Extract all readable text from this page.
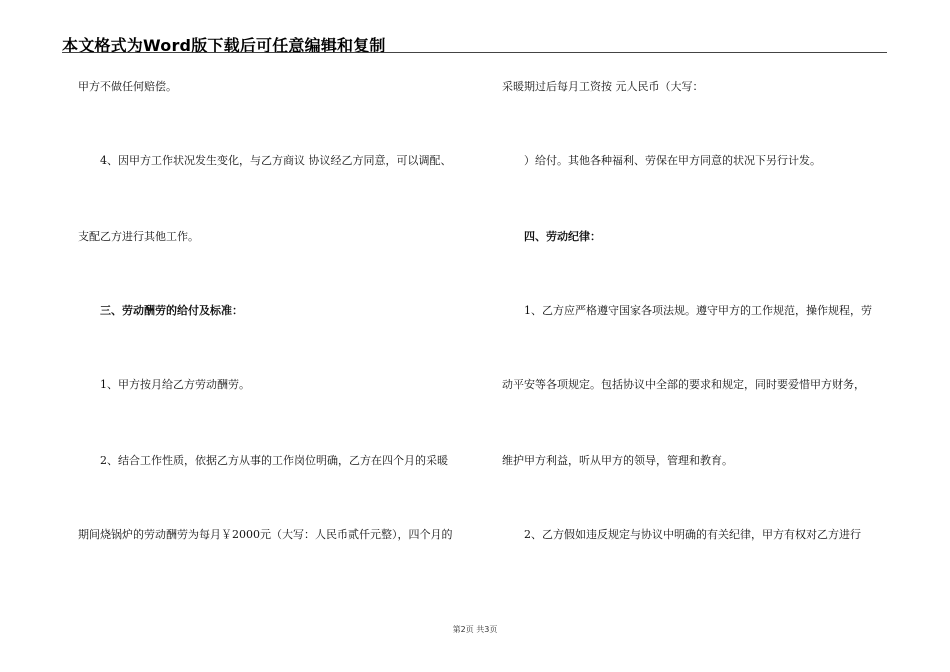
本文格式为Word版下载后可任意编辑和复制
甲方不做任何赔偿。
4、因甲方工作状况发生变化，与乙方商议 协议经乙方同意，可以调配、
支配乙方进行其他工作。
三、劳动酬劳的给付及标准：
1、甲方按月给乙方劳动酬劳。
2、结合工作性质，依据乙方从事的工作岗位明确，乙方在四个月的采暖
期间烧锅炉的劳动酬劳为每月￥2000元（大写：人民币贰仟元整），四个月的
采暖期过后每月工资按 元人民币（大写：
）给付。其他各种福利、劳保在甲方同意的状况下另行计发。
四、劳动纪律：
1、乙方应严格遵守国家各项法规。遵守甲方的工作规范，操作规程，劳
动平安等各项规定。包括协议中全部的要求和规定，同时要爱惜甲方财务，
维护甲方利益，听从甲方的领导，管理和教育。
2、乙方假如违反规定与协议中明确的有关纪律，甲方有权对乙方进行
第2页 共3页
